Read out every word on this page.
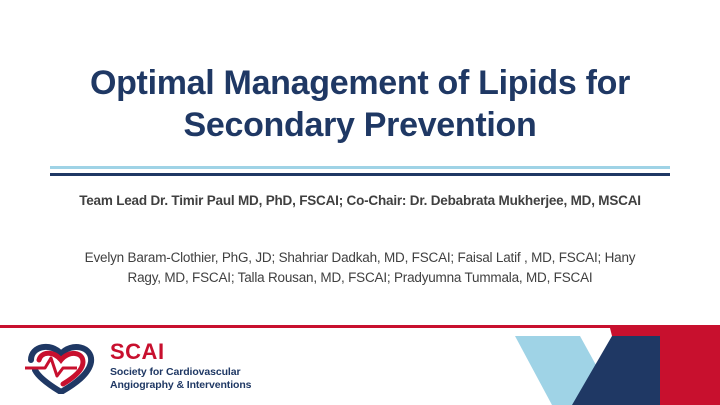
Optimal Management of Lipids for
Secondary Prevention
Team Lead Dr. Timir Paul MD, PhD, FSCAI; Co-Chair: Dr. Debabrata Mukherjee, MD, MSCAI
Evelyn Baram-Clothier, PhG, JD; Shahriar Dadkah, MD, FSCAI; Faisal Latif , MD, FSCAI; Hany
Ragy, MD, FSCAI; Talla Rousan, MD, FSCAI; Pradyumna Tummala, MD, FSCAI
SCAI
Society for Cardiovascular
Angiography & Interventions
